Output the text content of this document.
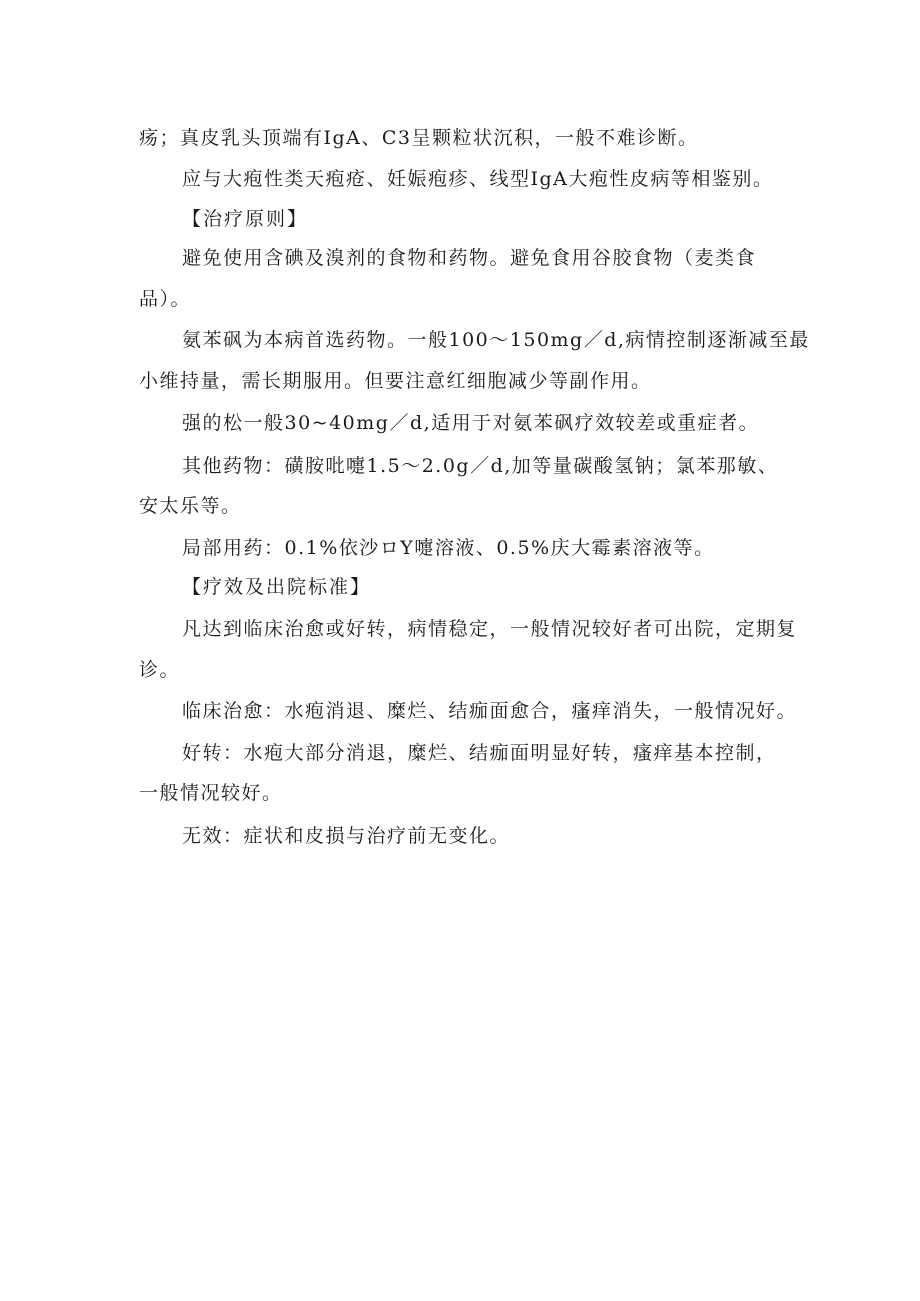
疡；真皮乳头顶端有IgA、C3呈颗粒状沉积，一般不难诊断。

应与大疱性类天疱疮、妊娠疱疹、线型IgA大疱性皮病等相鉴别。

【治疗原则】

避免使用含碘及溴剂的食物和药物。避免食用谷胶食物（麦类食

品）。

氨苯砜为本病首选药物。一般100～150mg／d,病情控制逐渐减至最

小维持量，需长期服用。但要注意红细胞减少等副作用。

强的松一般30~40mg／d,适用于对氨苯砜疗效较差或重症者。

其他药物：磺胺吡嚏1.5～2.0g／d,加等量碳酸氢钠；氯苯那敏、

安太乐等。

局部用药：0.1%依沙ロY嚏溶液、0.5%庆大霉素溶液等。

【疗效及出院标准】

凡达到临床治愈或好转，病情稳定，一般情况较好者可出院，定期复

诊。

临床治愈：水疱消退、糜烂、结痂面愈合，瘙痒消失，一般情况好。

好转：水疱大部分消退，糜烂、结痂面明显好转，瘙痒基本控制，

一般情况较好。

无效：症状和皮损与治疗前无变化。
